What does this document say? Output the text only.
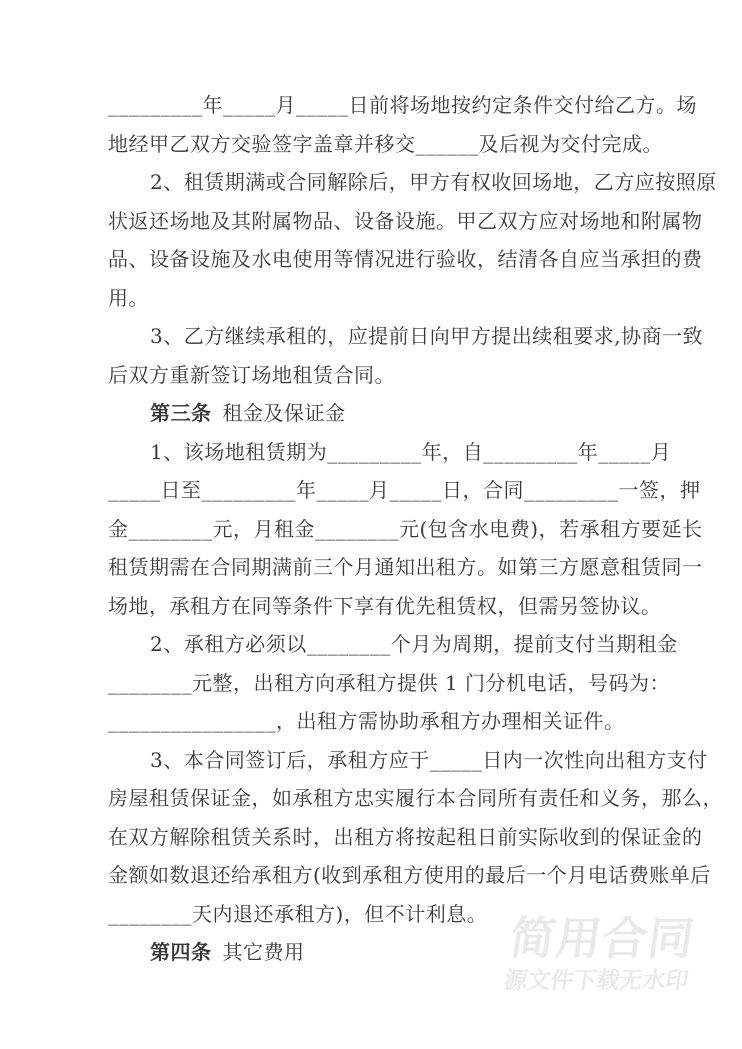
_________年_____月_____日前将场地按约定条件交付给乙方。场
地经甲乙双方交验签字盖章并移交______及后视为交付完成。
2、租赁期满或合同解除后，甲方有权收回场地，乙方应按照原
状返还场地及其附属物品、设备设施。甲乙双方应对场地和附属物
品、设备设施及水电使用等情况进行验收，结清各自应当承担的费
用。
3、乙方继续承租的，应提前日向甲方提出续租要求,协商一致
后双方重新签订场地租赁合同。
第三条 租金及保证金
1、该场地租赁期为_________年，自_________年_____月
_____日至_________年_____月_____日，合同_________一签，押
金________元，月租金________元(包含水电费)，若承租方要延长
租赁期需在合同期满前三个月通知出租方。如第三方愿意租赁同一
场地，承租方在同等条件下享有优先租赁权，但需另签协议。
2、承租方必须以________个月为周期，提前支付当期租金
________元整，出租方向承租方提供 1 门分机电话，号码为：
________________，出租方需协助承租方办理相关证件。
3、本合同签订后，承租方应于_____日内一次性向出租方支付
房屋租赁保证金，如承租方忠实履行本合同所有责任和义务，那么，
在双方解除租赁关系时，出租方将按起租日前实际收到的保证金的
金额如数退还给承租方(收到承租方使用的最后一个月电话费账单后
________天内退还承租方)，但不计利息。
第四条 其它费用	简用合同
源文件下载无水印
